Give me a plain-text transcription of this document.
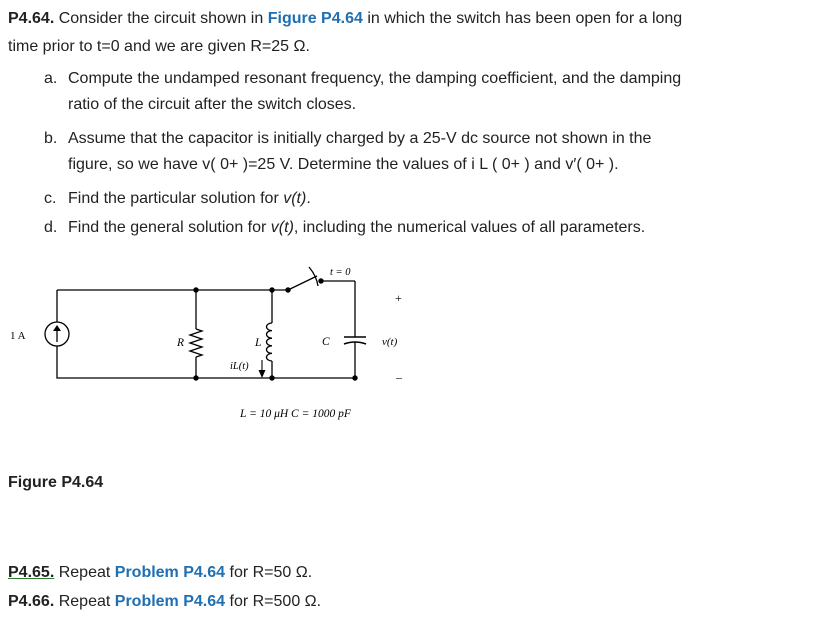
P4.64. Consider the circuit shown in Figure P4.64 in which the switch has been open for a long

time prior to t=0 and we are given R=25 Ω.

a. Compute the undamped resonant frequency, the damping coefficient, and the damping
ratio of the circuit after the switch closes.
b. Assume that the capacitor is initially charged by a 25-V dc source not shown in the
figure, so we have v( 0+ )=25 V. Determine the values of i L ( 0+ ) and v′( 0+ ).
c. Find the particular solution for v(t).
d. Find the general solution for v(t), including the numerical values of all parameters.
t = 0
1 A
R	L
iL(t)
C
+
v(t)
–
L = 10 μH C = 1000 pF

Figure P4.64

P4.65. Repeat Problem P4.64 for R=50 Ω.

P4.66. Repeat Problem P4.64 for R=500 Ω.
